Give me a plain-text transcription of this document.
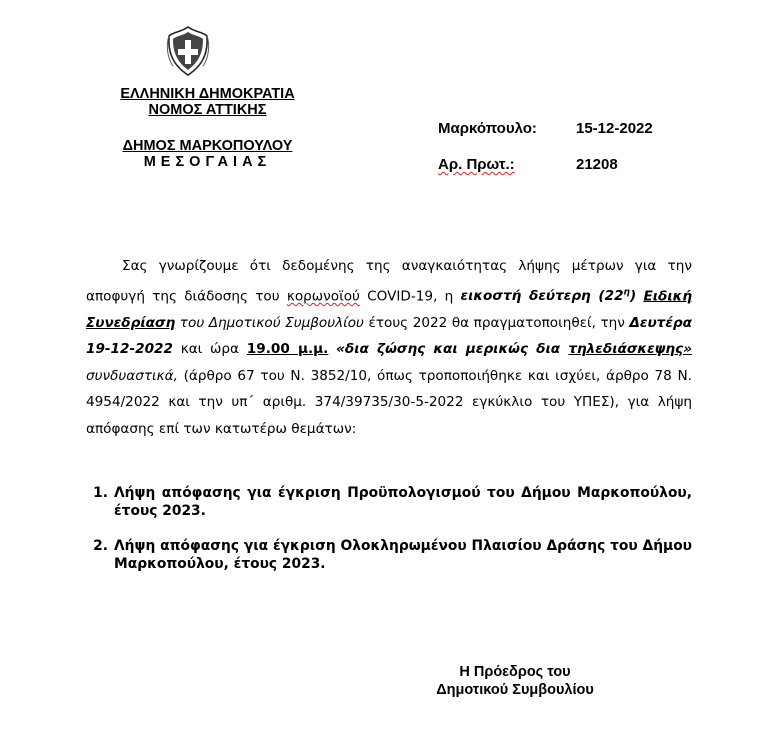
ΕΛΛΗΝΙΚΗ ΔΗΜΟΚΡΑΤΙΑ
ΝΟΜΟΣ ΑΤΤΙΚΗΣ
ΔΗΜΟΣ ΜΑΡΚΟΠΟΥΛΟΥ
ΜΕΣΟΓΑΙΑΣ
Μαρκόπουλο:	15-12-2022
Αρ. Πρωτ.:	21208
Σας γνωρίζουμε ότι δεδομένης της αναγκαιότητας λήψης μέτρων για την αποφυγή της διάδοσης του κορωνοϊού COVID-19, η εικοστή δεύτερη $(22^\eta)$ Ειδική Συνεδρίαση του Δημοτικού Συμβουλίου έτους 2022 θα πραγματοποιηθεί, την Δευτέρα 19-12-2022 και ώρα 19.00 μ.μ. «δια ζώσης και μερικώς δια τηλεδιάσκεψης» συνδυαστικά, (άρθρο 67 του Ν. 3852/10, όπως τροποποιήθηκε και ισχύει, άρθρο 78 Ν. 4954/2022 και την υπ΄ αριθμ. 374/39735/30-5-2022 εγκύκλιο του ΥΠΕΣ), για λήψη απόφασης επί των κατωτέρω θεμάτων:
1. Λήψη απόφασης για έγκριση Προϋπολογισμού του Δήμου Μαρκοπούλου, έτους 2023.
2. Λήψη απόφασης για έγκριση Ολοκληρωμένου Πλαισίου Δράσης του Δήμου Μαρκοπούλου, έτους 2023.
Η Πρόεδρος του
Δημοτικού Συμβουλίου
